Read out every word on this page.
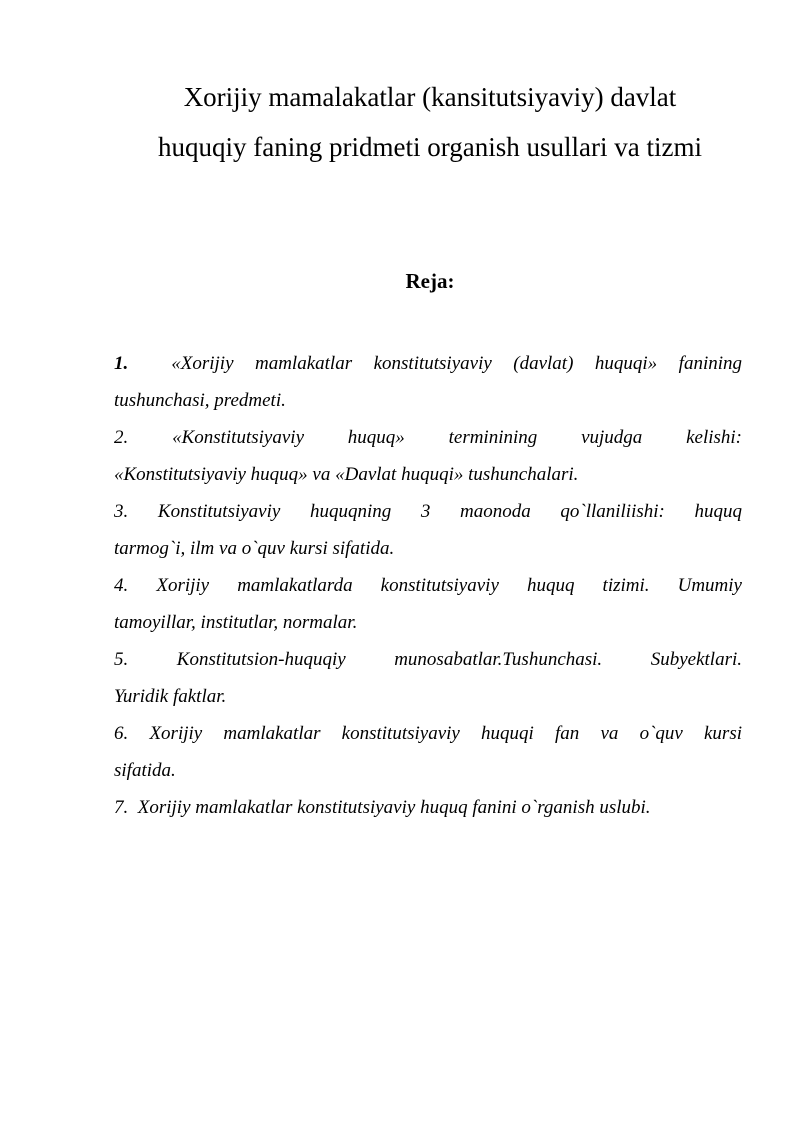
Xorijiy mamalakatlar (kansitutsiyaviy) davlat
huquqiy faning pridmeti organish usullari va tizmi
Reja:
1. «Xorijiy mamlakatlar konstitutsiyaviy (davlat) huquqi» fanining
tushunchasi, predmeti.
2. «Konstitutsiyaviy huquq» terminining vujudga kelishi:
«Konstitutsiyaviy huquq» va «Davlat huquqi» tushunchalari.
3. Konstitutsiyaviy huquqning 3 maonoda qo`llaniliishi: huquq
tarmog`i, ilm va o`quv kursi sifatida.
4. Xorijiy mamlakatlarda konstitutsiyaviy huquq tizimi. Umumiy
tamoyillar, institutlar, normalar.
5.	Konstitutsion-huquqiy munosabatlar.Tushunchasi. Subyektlari.
Yuridik faktlar.
6. Xorijiy mamlakatlar konstitutsiyaviy huquqi fan va o`quv kursi
sifatida.
7. Xorijiy mamlakatlar konstitutsiyaviy huquq fanini o`rganish uslubi.
